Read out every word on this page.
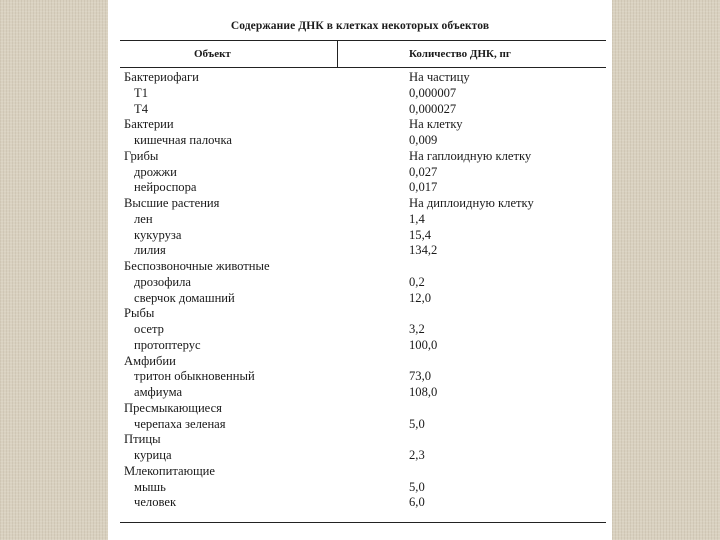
Содержание ДНК в клетках некоторых объектов
Объект	Количество ДНК, пг
Бактериофаги	На частицу
Т1	0,000007
Т4	0,000027
Бактерии	На клетку
кишечная палочка	0,009
Грибы	На гаплоидную клетку
дрожжи	0,027
нейроспора	0,017
Высшие растения	На диплоидную клетку
лен	1,4
кукуруза	15,4
лилия	134,2
Беспозвоночные животные
дрозофила	0,2
сверчок домашний	12,0
Рыбы
осетр	3,2
протоптерус	100,0
Амфибии
тритон обыкновенный	73,0
амфиума	108,0
Пресмыкающиеся
черепаха зеленая	5,0
Птицы
курица	2,3
Млекопитающие
мышь	5,0
человек	6,0
